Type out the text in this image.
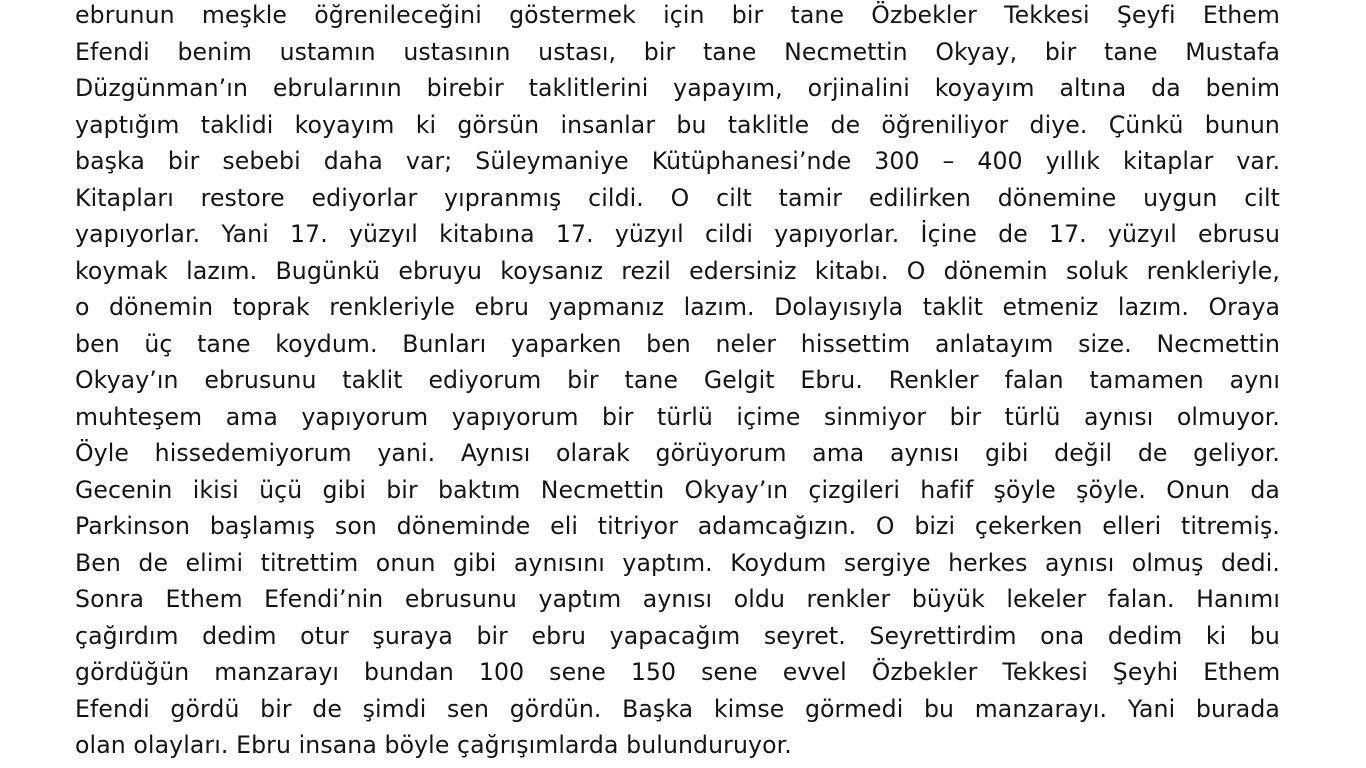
ebrunun meşkle öğrenileceğini göstermek için bir tane Özbekler Tekkesi Şeyfi Ethem
Efendi benim ustamın ustasının ustası, bir tane Necmettin Okyay, bir tane Mustafa
Düzgünman’ın ebrularının birebir taklitlerini yapayım, orjinalini koyayım altına da benim
yaptığım taklidi koyayım ki görsün insanlar bu taklitle de öğreniliyor diye. Çünkü bunun
başka bir sebebi daha var; Süleymaniye Kütüphanesi’nde 300 – 400 yıllık kitaplar var.
Kitapları restore ediyorlar yıpranmış cildi. O cilt tamir edilirken dönemine uygun cilt
yapıyorlar. Yani 17. yüzyıl kitabına 17. yüzyıl cildi yapıyorlar. İçine de 17. yüzyıl ebrusu
koymak lazım. Bugünkü ebruyu koysanız rezil edersiniz kitabı. O dönemin soluk renkleriyle,
o dönemin toprak renkleriyle ebru yapmanız lazım. Dolayısıyla taklit etmeniz lazım. Oraya
ben üç tane koydum. Bunları yaparken ben neler hissettim anlatayım size. Necmettin
Okyay’ın ebrusunu taklit ediyorum bir tane Gelgit Ebru. Renkler falan tamamen aynı
muhteşem ama yapıyorum yapıyorum bir türlü içime sinmiyor bir türlü aynısı olmuyor.
Öyle hissedemiyorum yani. Aynısı olarak görüyorum ama aynısı gibi değil de geliyor.
Gecenin ikisi üçü gibi bir baktım Necmettin Okyay’ın çizgileri hafif şöyle şöyle. Onun da
Parkinson başlamış son döneminde eli titriyor adamcağızın. O bizi çekerken elleri titremiş.
Ben de elimi titrettim onun gibi aynısını yaptım. Koydum sergiye herkes aynısı olmuş dedi.
Sonra Ethem Efendi’nin ebrusunu yaptım aynısı oldu renkler büyük lekeler falan. Hanımı
çağırdım dedim otur şuraya bir ebru yapacağım seyret. Seyrettirdim ona dedim ki bu
gördüğün manzarayı bundan 100 sene 150 sene evvel Özbekler Tekkesi Şeyhi Ethem
Efendi gördü bir de şimdi sen gördün. Başka kimse görmedi bu manzarayı. Yani burada
olan olayları. Ebru insana böyle çağrışımlarda bulunduruyor.
